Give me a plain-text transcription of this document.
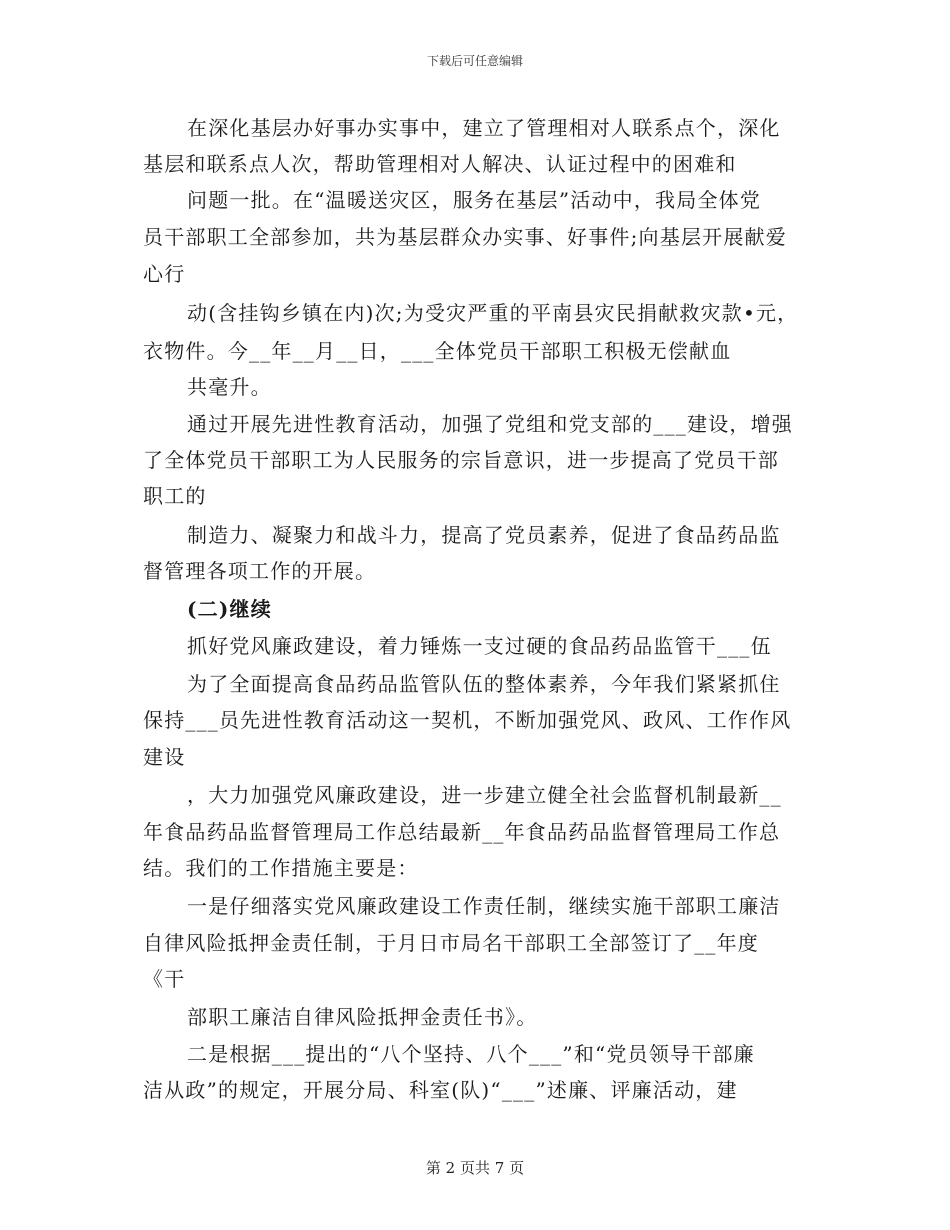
下载后可任意编辑
在深化基层办好事办实事中，建立了管理相对人联系点个，深化
基层和联系点人次，帮助管理相对人解决、认证过程中的困难和
问题一批。在“温暖送灾区，服务在基层”活动中，我局全体党
员干部职工全部参加，共为基层群众办实事、好事件;向基层开展献爱
心行
动(含挂钩乡镇在内)次;为受灾严重的平南县灾民捐献救灾款•元，
衣物件。今__年__月__日，___全体党员干部职工积极无偿献血
共毫升。
通过开展先进性教育活动，加强了党组和党支部的___建设，增强
了全体党员干部职工为人民服务的宗旨意识，进一步提高了党员干部
职工的
制造力、凝聚力和战斗力，提高了党员素养，促进了食品药品监
督管理各项工作的开展。
(二)继续
抓好党风廉政建设，着力锤炼一支过硬的食品药品监管干___伍
为了全面提高食品药品监管队伍的整体素养，今年我们紧紧抓住
保持___员先进性教育活动这一契机，不断加强党风、政风、工作作风
建设
，大力加强党风廉政建设，进一步建立健全社会监督机制最新__
年食品药品监督管理局工作总结最新__年食品药品监督管理局工作总
结。我们的工作措施主要是：
一是仔细落实党风廉政建设工作责任制，继续实施干部职工廉洁
自律风险抵押金责任制，于月日市局名干部职工全部签订了__年度
《干
部职工廉洁自律风险抵押金责任书》。
二是根据___提出的“八个坚持、八个___”和“党员领导干部廉
洁从政”的规定，开展分局、科室(队)“___”述廉、评廉活动，建
第 2 页共 7 页
